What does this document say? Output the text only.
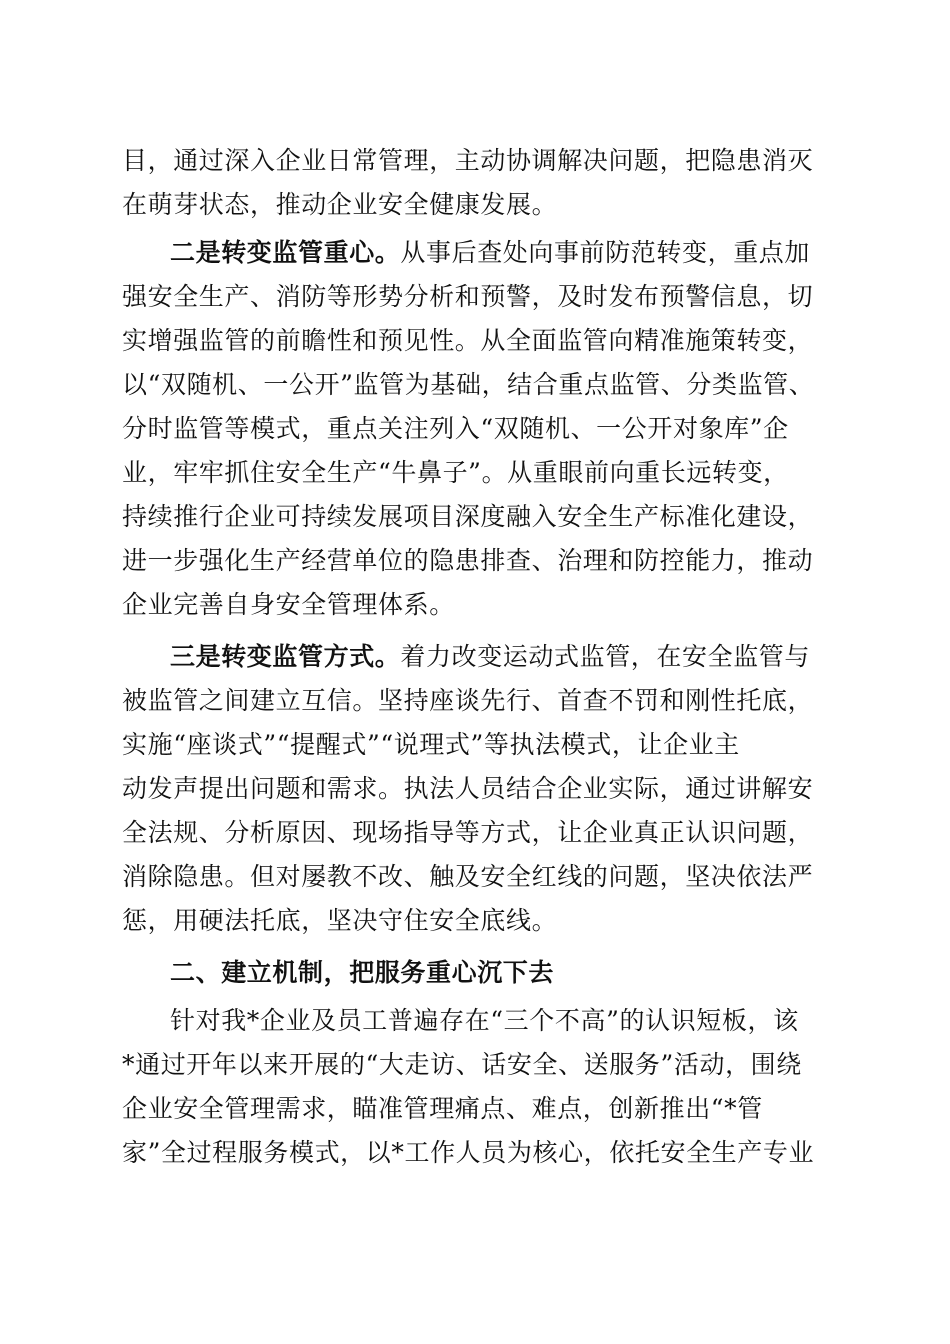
目，通过深入企业日常管理，主动协调解决问题，把隐患消灭
在萌芽状态，推动企业安全健康发展。
二是转变监管重心。从事后查处向事前防范转变，重点加
强安全生产、消防等形势分析和预警，及时发布预警信息，切
实增强监管的前瞻性和预见性。从全面监管向精准施策转变，
以“双随机、一公开”监管为基础，结合重点监管、分类监管、
分时监管等模式，重点关注列入“双随机、一公开对象库”企
业，牢牢抓住安全生产“牛鼻子”。从重眼前向重长远转变，
持续推行企业可持续发展项目深度融入安全生产标准化建设，
进一步强化生产经营单位的隐患排查、治理和防控能力，推动
企业完善自身安全管理体系。
三是转变监管方式。着力改变运动式监管，在安全监管与
被监管之间建立互信。坚持座谈先行、首查不罚和刚性托底，
实施“座谈式”“提醒式”“说理式”等执法模式，让企业主
动发声提出问题和需求。执法人员结合企业实际，通过讲解安
全法规、分析原因、现场指导等方式，让企业真正认识问题，
消除隐患。但对屡教不改、触及安全红线的问题，坚决依法严
惩，用硬法托底，坚决守住安全底线。
二、建立机制，把服务重心沉下去
针对我*企业及员工普遍存在“三个不高”的认识短板，该
*通过开年以来开展的“大走访、话安全、送服务”活动，围绕
企业安全管理需求，瞄准管理痛点、难点，创新推出“*管
家”全过程服务模式，以*工作人员为核心，依托安全生产专业
